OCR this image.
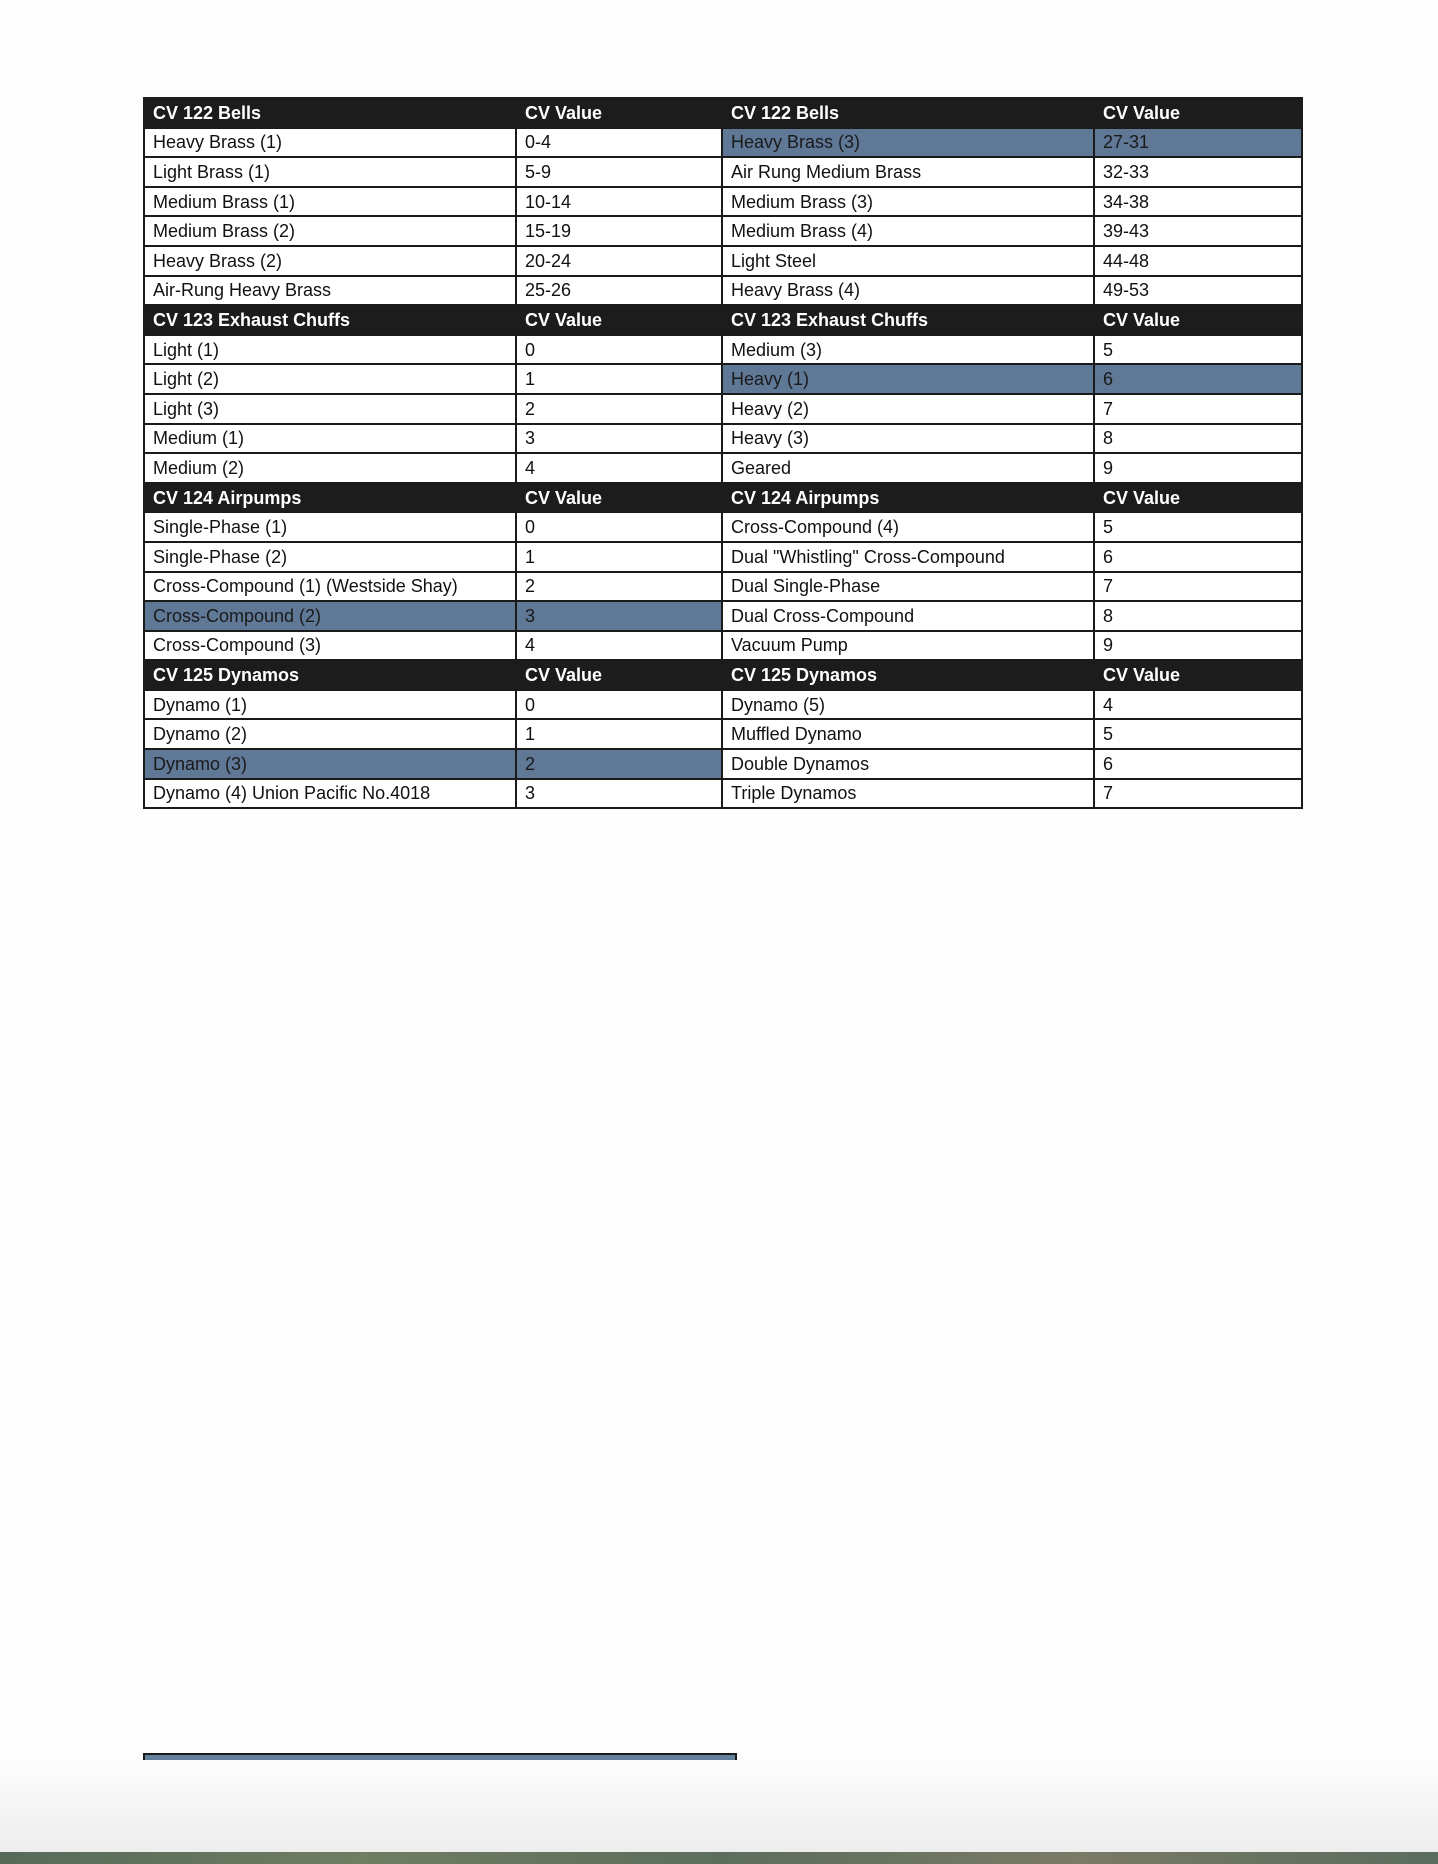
CV 122 Bells	CV Value	CV 122 Bells	CV Value
Heavy Brass (1)	0-4	Heavy Brass (3)	27-31
Light Brass (1)	5-9	Air Rung Medium Brass	32-33
Medium Brass (1)	10-14	Medium Brass (3)	34-38
Medium Brass (2)	15-19	Medium Brass (4)	39-43
Heavy Brass (2)	20-24	Light Steel	44-48
Air-Rung Heavy Brass	25-26	Heavy Brass (4)	49-53
CV 123 Exhaust Chuffs	CV Value	CV 123 Exhaust Chuffs	CV Value
Light (1)	0	Medium (3)	5
Light (2)	1	Heavy (1)	6
Light (3)	2	Heavy (2)	7
Medium (1)	3	Heavy (3)	8
Medium (2)	4	Geared	9
CV 124 Airpumps	CV Value	CV 124 Airpumps	CV Value
Single-Phase (1)	0	Cross-Compound (4)	5
Single-Phase (2)	1	Dual "Whistling" Cross-Compound	6
Cross-Compound (1) (Westside Shay)	2	Dual Single-Phase	7
Cross-Compound (2)	3	Dual Cross-Compound	8
Cross-Compound (3)	4	Vacuum Pump	9
CV 125 Dynamos	CV Value	CV 125 Dynamos	CV Value
Dynamo (1)	0	Dynamo (5)	4
Dynamo (2)	1	Muffled Dynamo	5
Dynamo (3)	2	Double Dynamos	6
Dynamo (4) Union Pacific No.4018	3	Triple Dynamos	7
